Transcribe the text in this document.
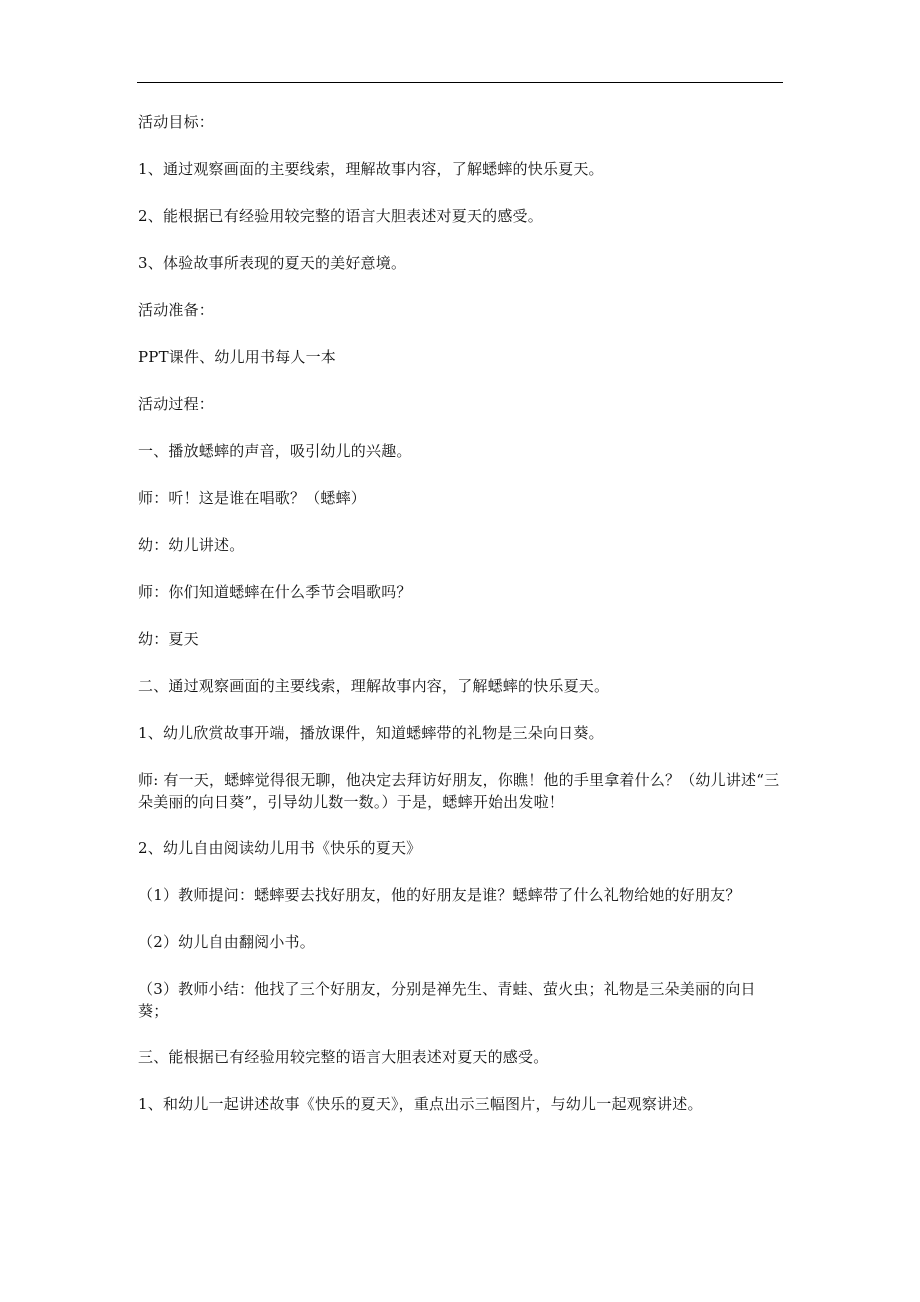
活动目标：

1、通过观察画面的主要线索，理解故事内容，了解蟋蟀的快乐夏天。

2、能根据已有经验用较完整的语言大胆表述对夏天的感受。

3、体验故事所表现的夏天的美好意境。

活动准备：

PPT课件、幼儿用书每人一本

活动过程：

一、播放蟋蟀的声音，吸引幼儿的兴趣。

师：听！这是谁在唱歌？（蟋蟀）

幼：幼儿讲述。

师：你们知道蟋蟀在什么季节会唱歌吗？

幼：夏天

二、通过观察画面的主要线索，理解故事内容，了解蟋蟀的快乐夏天。

1、幼儿欣赏故事开端，播放课件，知道蟋蟀带的礼物是三朵向日葵。

师: 有一天，蟋蟀觉得很无聊，他决定去拜访好朋友，你瞧！他的手里拿着什么？（幼儿讲述“三朵美丽的向日葵”，引导幼儿数一数。）于是，蟋蟀开始出发啦！

2、幼儿自由阅读幼儿用书《快乐的夏天》

（1）教师提问：蟋蟀要去找好朋友，他的好朋友是谁？蟋蟀带了什么礼物给她的好朋友？

（2）幼儿自由翻阅小书。

（3）教师小结：他找了三个好朋友，分别是禅先生、青蛙、萤火虫；礼物是三朵美丽的向日葵；

三、能根据已有经验用较完整的语言大胆表述对夏天的感受。

1、和幼儿一起讲述故事《快乐的夏天》，重点出示三幅图片，与幼儿一起观察讲述。
